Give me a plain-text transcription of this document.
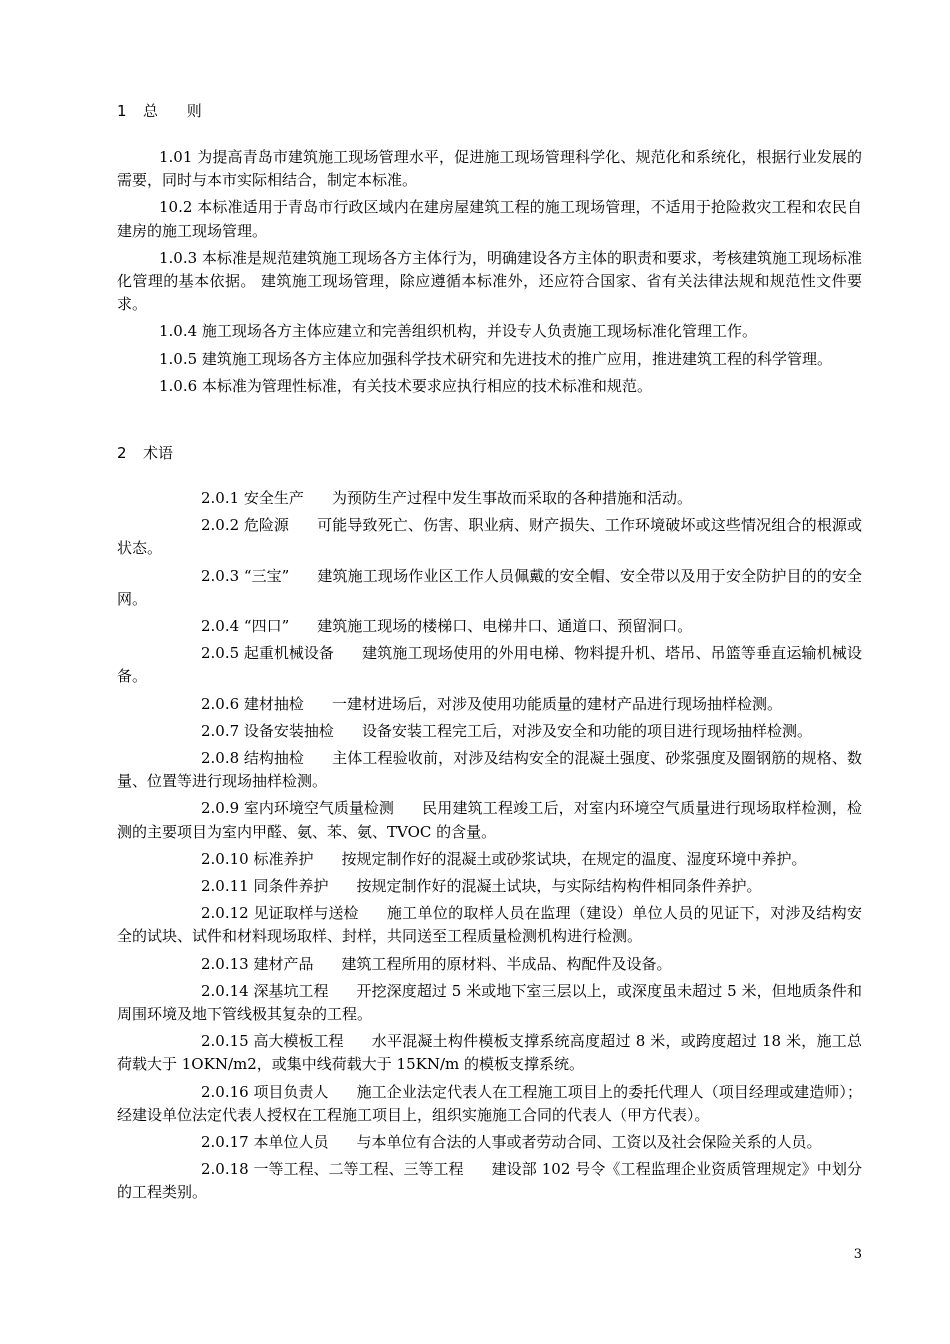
1 总 则

1.01 为提高青岛市建筑施工现场管理水平，促进施工现场管理科学化、规范化和系统化，根据行业发展的需要，同时与本市实际相结合，制定本标准。

10.2 本标准适用于青岛市行政区域内在建房屋建筑工程的施工现场管理，不适用于抢险救灾工程和农民自建房的施工现场管理。

1.0.3 本标准是规范建筑施工现场各方主体行为，明确建设各方主体的职责和要求，考核建筑施工现场标准化管理的基本依据。 建筑施工现场管理，除应遵循本标准外，还应符合国家、省有关法律法规和规范性文件要求。

1.0.4 施工现场各方主体应建立和完善组织机构，并设专人负责施工现场标准化管理工作。

1.0.5 建筑施工现场各方主体应加强科学技术研究和先进技术的推广应用，推进建筑工程的科学管理。

1.0.6 本标准为管理性标准，有关技术要求应执行相应的技术标准和规范。

2 术语

2.0.1 安全生产 为预防生产过程中发生事故而采取的各种措施和活动。

2.0.2 危险源 可能导致死亡、伤害、职业病、财产损失、工作环境破坏或这些情况组合的根源或状态。

2.0.3 “三宝” 建筑施工现场作业区工作人员佩戴的安全帽、安全带以及用于安全防护目的的安全网。

2.0.4 “四口” 建筑施工现场的楼梯口、电梯井口、通道口、预留洞口。

2.0.5 起重机械设备 建筑施工现场使用的外用电梯、物料提升机、塔吊、吊篮等垂直运输机械设备。

2.0.6 建材抽检 一建材进场后，对涉及使用功能质量的建材产品进行现场抽样检测。

2.0.7 设备安装抽检 设备安装工程完工后，对涉及安全和功能的项目进行现场抽样检测。

2.0.8 结构抽检 主体工程验收前，对涉及结构安全的混凝土强度、砂浆强度及圈钢筋的规格、数量、位置等进行现场抽样检测。

2.0.9 室内环境空气质量检测 民用建筑工程竣工后，对室内环境空气质量进行现场取样检测，检测的主要项目为室内甲醛、氨、苯、氨、TVOC 的含量。

2.0.10 标准养护 按规定制作好的混凝土或砂浆试块，在规定的温度、湿度环境中养护。

2.0.11 同条件养护 按规定制作好的混凝土试块，与实际结构构件相同条件养护。

2.0.12 见证取样与送检 施工单位的取样人员在监理（建设）单位人员的见证下，对涉及结构安全的试块、试件和材料现场取样、封样，共同送至工程质量检测机构进行检测。

2.0.13 建材产品 建筑工程所用的原材料、半成品、构配件及设备。

2.0.14 深基坑工程 开挖深度超过 5 米或地下室三层以上，或深度虽未超过 5 米，但地质条件和周围环境及地下管线极其复杂的工程。

2.0.15 高大模板工程 水平混凝土构件模板支撑系统高度超过 8 米，或跨度超过 18 米，施工总荷载大于 1OKN/m2，或集中线荷载大于 15KN/m 的模板支撑系统。

2.0.16 项目负责人 施工企业法定代表人在工程施工项目上的委托代理人（项目经理或建造师）；经建设单位法定代表人授权在工程施工项目上，组织实施施工合同的代表人（甲方代表）。

2.0.17 本单位人员 与本单位有合法的人事或者劳动合同、工资以及社会保险关系的人员。

2.0.18 一等工程、二等工程、三等工程 建设部 102 号令《工程监理企业资质管理规定》中划分的工程类别。

3
